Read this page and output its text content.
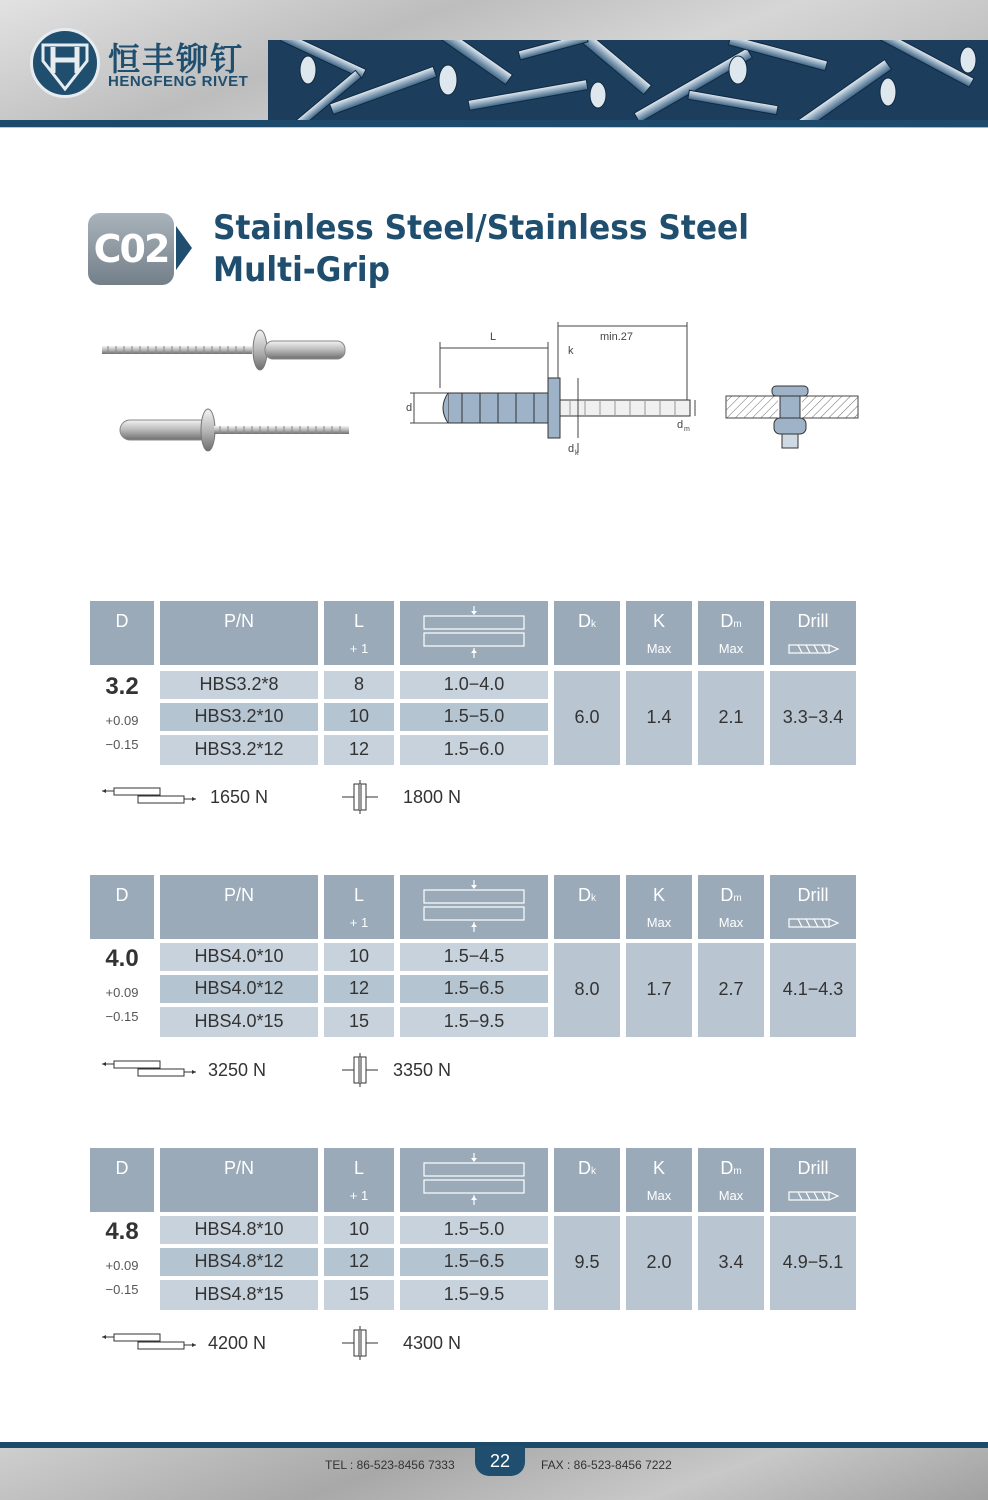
恒丰铆钉
HENGFENG RIVET
C02 Stainless Steel/Stainless Steel
Multi-Grip
L	min.27
k
d
d m
d k
D	P/N	L
+ 1
Dk	K
Max
Dm
Max
Drill
3.2
+0.09
−0.15
HBS3.2*8	8	1.0−4.0
HBS3.2*10	10	1.5−5.0
HBS3.2*12	12	1.5−6.0
6.0	1.4	2.1	3.3−3.4
1650 N	1800 N
D	P/N	L
+ 1
Dk	K
Max
Dm
Max
Drill
4.0
+0.09
−0.15
HBS4.0*10	10	1.5−4.5
HBS4.0*12	12	1.5−6.5
HBS4.0*15	15	1.5−9.5
8.0	1.7	2.7	4.1−4.3
3250 N	3350 N
D	P/N	L
+ 1
Dk	K
Max
Dm
Max
Drill
4.8
+0.09
−0.15
HBS4.8*10	10	1.5−5.0
HBS4.8*12	12	1.5−6.5
HBS4.8*15	15	1.5−9.5
9.5	2.0	3.4	4.9−5.1
4200 N	4300 N
TEL : 86-523-8456 7333	22	FAX : 86-523-8456 7222
